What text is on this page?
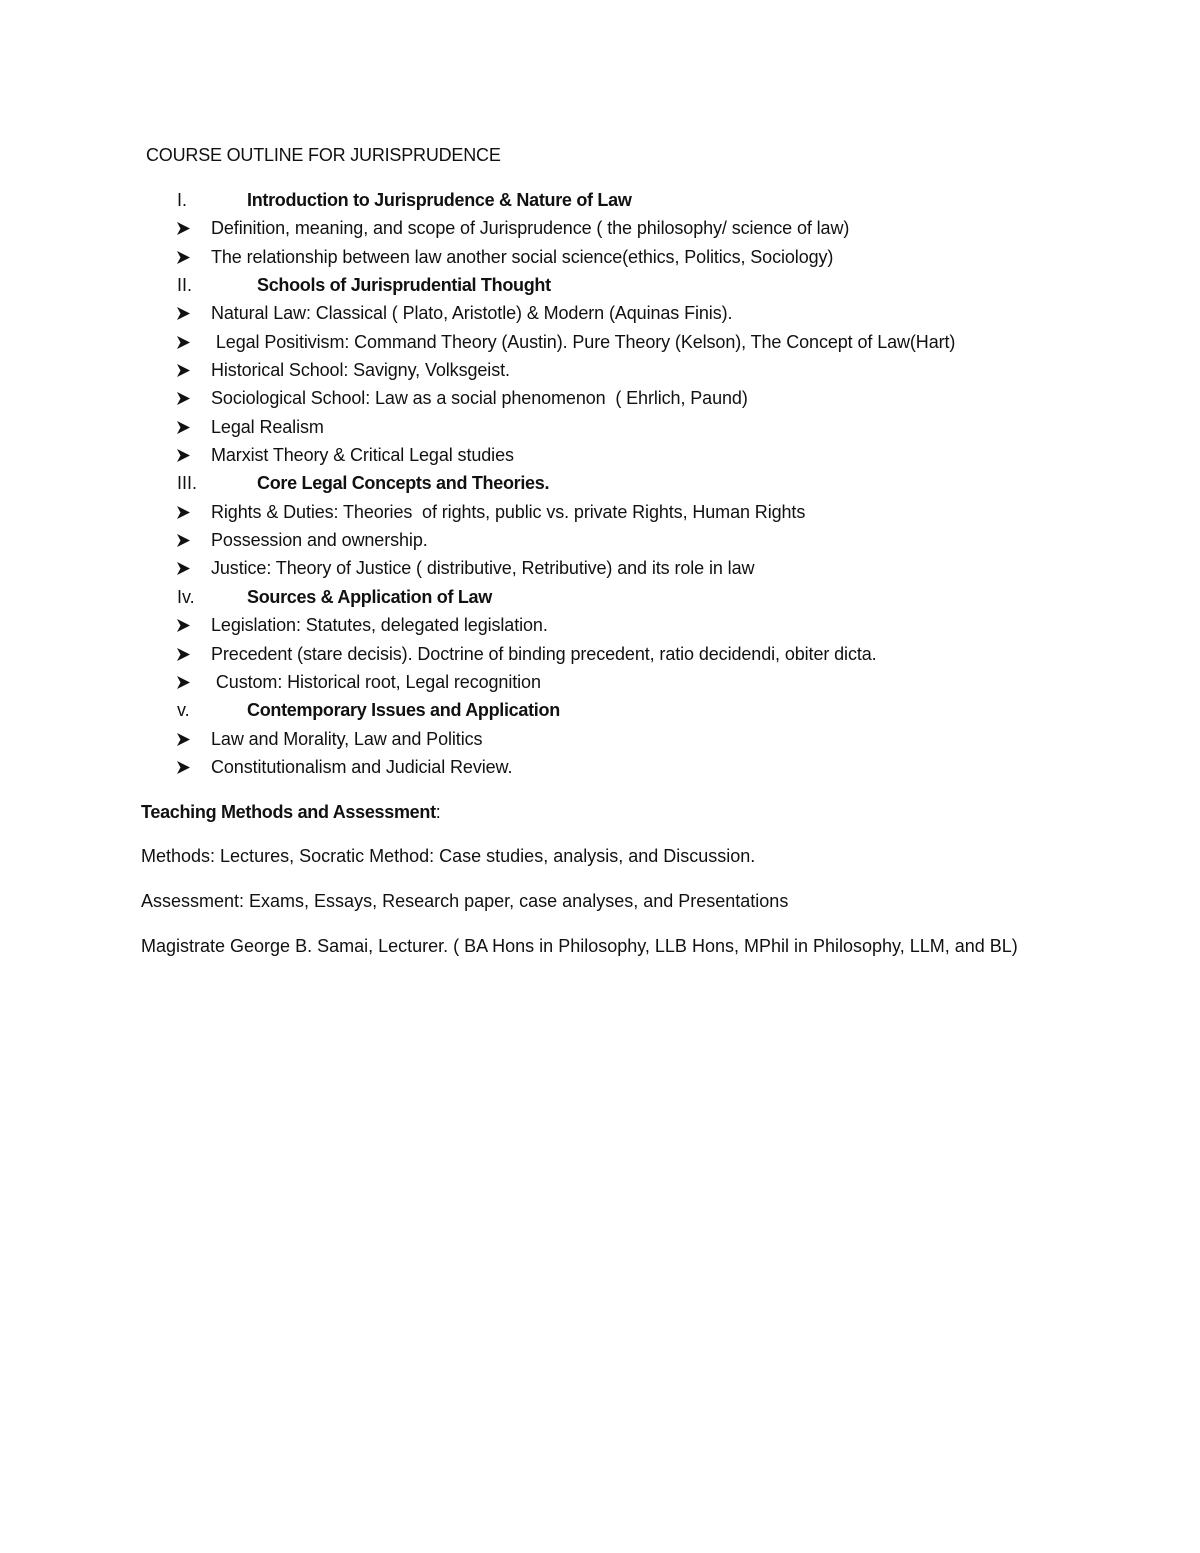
COURSE OUTLINE FOR JURISPRUDENCE
I.	Introduction to Jurisprudence & Nature of Law
Definition, meaning, and scope of Jurisprudence ( the philosophy/ science of law)
The relationship between law another social science(ethics, Politics, Sociology)
II.	Schools of Jurisprudential Thought
Natural Law: Classical ( Plato, Aristotle) & Modern (Aquinas Finis).
Legal Positivism: Command Theory (Austin). Pure Theory (Kelson), The Concept of Law(Hart)
Historical School: Savigny, Volksgeist.
Sociological School: Law as a social phenomenon  ( Ehrlich, Paund)
Legal Realism
Marxist Theory & Critical Legal studies
III.	Core Legal Concepts and Theories.
Rights & Duties: Theories  of rights, public vs. private Rights, Human Rights
Possession and ownership.
Justice: Theory of Justice ( distributive, Retributive) and its role in law
Iv.	Sources & Application of Law
Legislation: Statutes, delegated legislation.
Precedent (stare decisis). Doctrine of binding precedent, ratio decidendi, obiter dicta.
Custom: Historical root, Legal recognition
v.	Contemporary Issues and Application
Law and Morality, Law and Politics
Constitutionalism and Judicial Review.

Teaching Methods and Assessment:

Methods: Lectures, Socratic Method: Case studies, analysis, and Discussion.

Assessment: Exams, Essays, Research paper, case analyses, and Presentations

Magistrate George B. Samai, Lecturer. ( BA Hons in Philosophy, LLB Hons, MPhil in Philosophy, LLM, and BL)
